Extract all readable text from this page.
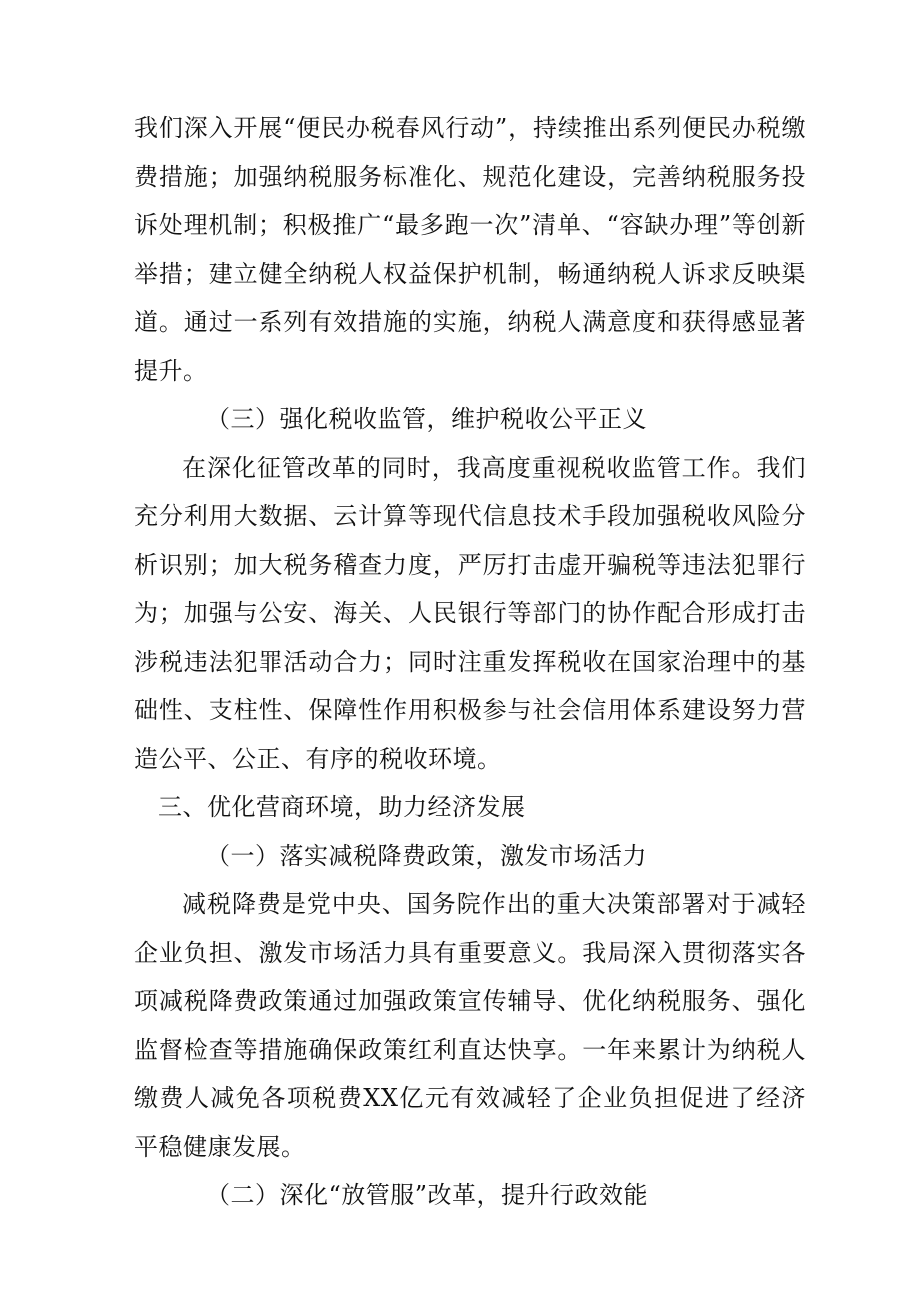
我们深入开展“便民办税春风行动”，持续推出系列便民办税缴费措施；加强纳税服务标准化、规范化建设，完善纳税服务投诉处理机制；积极推广“最多跑一次”清单、“容缺办理”等创新举措；建立健全纳税人权益保护机制，畅通纳税人诉求反映渠道。通过一系列有效措施的实施，纳税人满意度和获得感显著提升。

（三）强化税收监管，维护税收公平正义

在深化征管改革的同时，我高度重视税收监管工作。我们充分利用大数据、云计算等现代信息技术手段加强税收风险分析识别；加大税务稽查力度，严厉打击虚开骗税等违法犯罪行为；加强与公安、海关、人民银行等部门的协作配合形成打击涉税违法犯罪活动合力；同时注重发挥税收在国家治理中的基础性、支柱性、保障性作用积极参与社会信用体系建设努力营造公平、公正、有序的税收环境。

三、优化营商环境，助力经济发展

（一）落实减税降费政策，激发市场活力

减税降费是党中央、国务院作出的重大决策部署对于减轻企业负担、激发市场活力具有重要意义。我局深入贯彻落实各项减税降费政策通过加强政策宣传辅导、优化纳税服务、强化监督检查等措施确保政策红利直达快享。一年来累计为纳税人缴费人减免各项税费XX亿元有效减轻了企业负担促进了经济平稳健康发展。

（二）深化“放管服”改革，提升行政效能
